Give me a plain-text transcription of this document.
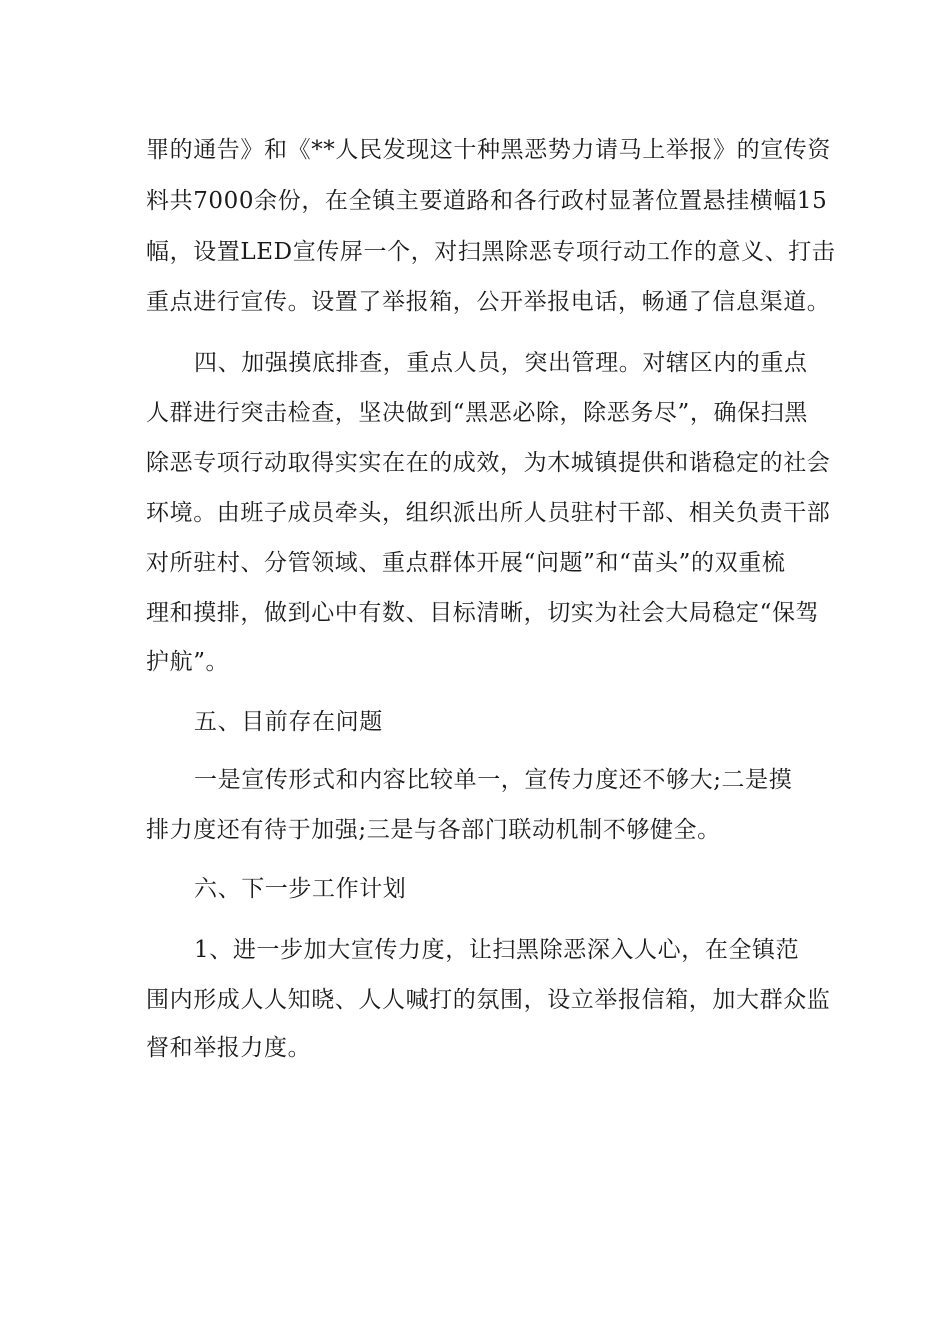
罪的通告》和《**人民发现这十种黑恶势力请马上举报》的宣传资
料共7000余份，在全镇主要道路和各行政村显著位置悬挂横幅15
幅，设置LED宣传屏一个，对扫黑除恶专项行动工作的意义、打击
重点进行宣传。设置了举报箱，公开举报电话，畅通了信息渠道。
四、加强摸底排查，重点人员，突出管理。对辖区内的重点
人群进行突击检查，坚决做到“黑恶必除，除恶务尽”，确保扫黑
除恶专项行动取得实实在在的成效，为木城镇提供和谐稳定的社会
环境。由班子成员牵头，组织派出所人员驻村干部、相关负责干部
对所驻村、分管领域、重点群体开展“问题”和“苗头”的双重梳
理和摸排，做到心中有数、目标清晰，切实为社会大局稳定“保驾
护航”。
五、目前存在问题
一是宣传形式和内容比较单一，宣传力度还不够大;二是摸
排力度还有待于加强;三是与各部门联动机制不够健全。
六、下一步工作计划
1、进一步加大宣传力度，让扫黑除恶深入人心，在全镇范
围内形成人人知晓、人人喊打的氛围，设立举报信箱，加大群众监
督和举报力度。
